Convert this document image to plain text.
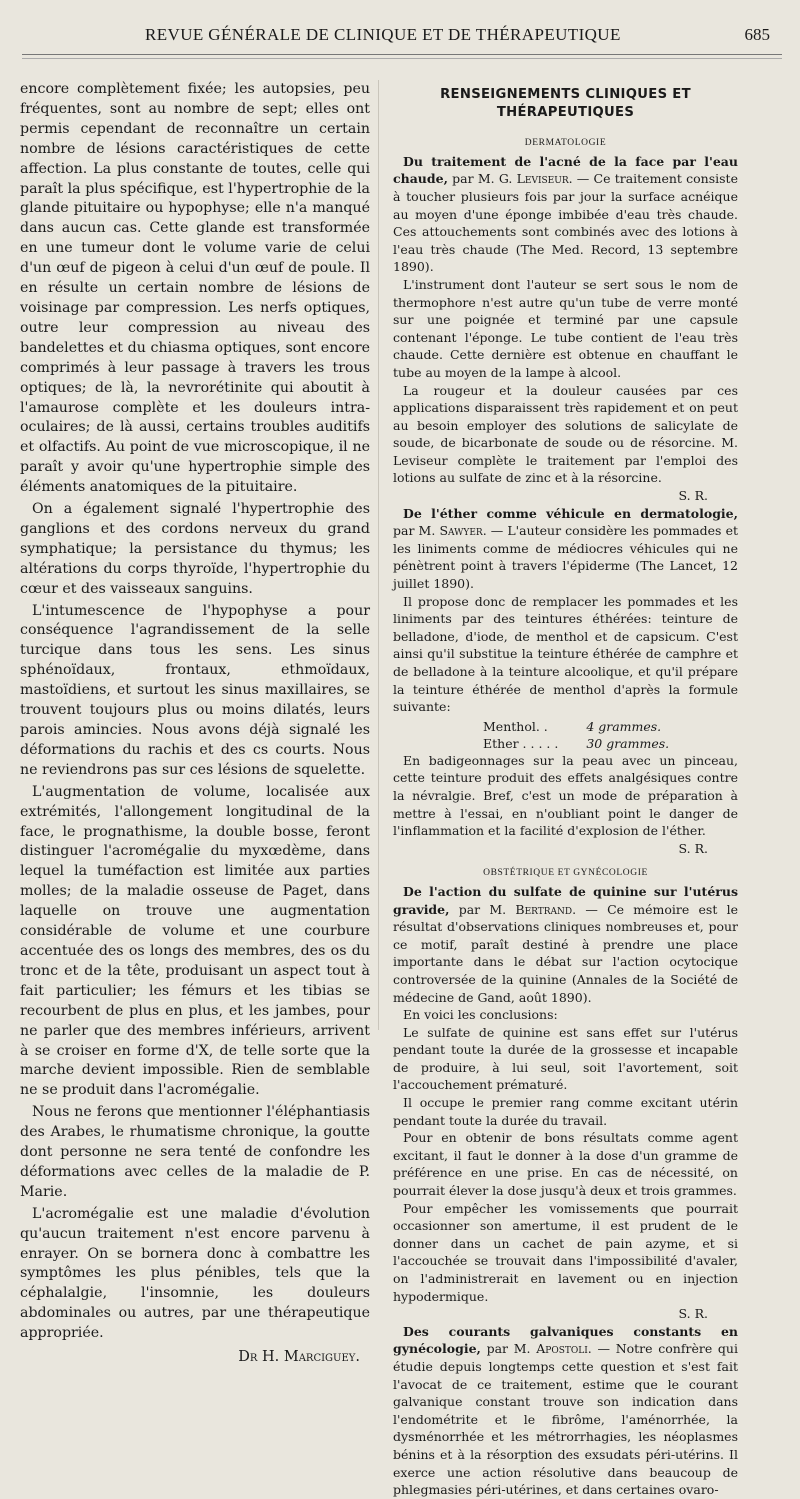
REVUE GÉNÉRALE DE CLINIQUE ET DE THÉRAPEUTIQUE	685

encore complètement fixée; les autopsies, peu fréquentes, sont au nombre de sept; elles ont permis cependant de reconnaître un certain nombre de lésions caractéristiques de cette affection. La plus constante de toutes, celle qui paraît la plus spécifique, est l'hypertrophie de la glande pituitaire ou hypophyse; elle n'a manqué dans aucun cas. Cette glande est transformée en une tumeur dont le volume varie de celui d'un œuf de pigeon à celui d'un œuf de poule. Il en résulte un certain nombre de lésions de voisinage par compression. Les nerfs optiques, outre leur compression au niveau des bandelettes et du chiasma optiques, sont encore comprimés à leur passage à travers les trous optiques; de là, la nevrorétinite qui aboutit à l'amaurose complète et les douleurs intra-oculaires; de là aussi, certains troubles auditifs et olfactifs. Au point de vue microscopique, il ne paraît y avoir qu'une hypertrophie simple des éléments anatomiques de la pituitaire.

On a également signalé l'hypertrophie des ganglions et des cordons nerveux du grand symphatique; la persistance du thymus; les altérations du corps thyroïde, l'hypertrophie du cœur et des vaisseaux sanguins.

L'intumescence de l'hypophyse a pour conséquence l'agrandissement de la selle turcique dans tous les sens. Les sinus sphénoïdaux, frontaux, ethmoïdaux, mastoïdiens, et surtout les sinus maxillaires, se trouvent toujours plus ou moins dilatés, leurs parois amincies. Nous avons déjà signalé les déformations du rachis et des cs courts. Nous ne reviendrons pas sur ces lésions de squelette.

L'augmentation de volume, localisée aux extrémités, l'allongement longitudinal de la face, le prognathisme, la double bosse, feront distinguer l'acromégalie du myxœdème, dans lequel la tuméfaction est limitée aux parties molles; de la maladie osseuse de Paget, dans laquelle on trouve une augmentation considérable de volume et une courbure accentuée des os longs des membres, des os du tronc et de la tête, produisant un aspect tout à fait particulier; les fémurs et les tibias se recourbent de plus en plus, et les jambes, pour ne parler que des membres inférieurs, arrivent à se croiser en forme d'X, de telle sorte que la marche devient impossible. Rien de semblable ne se produit dans l'acromégalie.

Nous ne ferons que mentionner l'éléphantiasis des Arabes, le rhumatisme chronique, la goutte dont personne ne sera tenté de confondre les déformations avec celles de la maladie de P. Marie.

L'acromégalie est une maladie d'évolution qu'aucun traitement n'est encore parvenu à enrayer. On se bornera donc à combattre les symptômes les plus pénibles, tels que la céphalalgie, l'insomnie, les douleurs abdominales ou autres, par une thérapeutique appropriée.

Dr H. Marciguey.

RENSEIGNEMENTS CLINIQUES ET THÉRAPEUTIQUES

DERMATOLOGIE

Du traitement de l'acné de la face par l'eau chaude, par M. G. Leviseur. — Ce traitement consiste à toucher plusieurs fois par jour la surface acnéique au moyen d'une éponge imbibée d'eau très chaude. Ces attouchements sont combinés avec des lotions à l'eau très chaude (The Med. Record, 13 septembre 1890).

L'instrument dont l'auteur se sert sous le nom de thermophore n'est autre qu'un tube de verre monté sur une poignée et terminé par une capsule contenant l'éponge. Le tube contient de l'eau très chaude. Cette dernière est obtenue en chauffant le tube au moyen de la lampe à alcool.

La rougeur et la douleur causées par ces applications disparaissent très rapidement et on peut au besoin employer des solutions de salicylate de soude, de bicarbonate de soude ou de résorcine. M. Leviseur complète le traitement par l'emploi des lotions au sulfate de zinc et à la résorcine.

S. R.

De l'éther comme véhicule en dermatologie, par M. Sawyer. — L'auteur considère les pommades et les liniments comme de médiocres véhicules qui ne pénètrent point à travers l'épiderme (The Lancet, 12 juillet 1890).

Il propose donc de remplacer les pommades et les liniments par des teintures éthérées: teinture de belladone, d'iode, de menthol et de capsicum. C'est ainsi qu'il substitue la teinture éthérée de camphre et de belladone à la teinture alcoolique, et qu'il prépare la teinture éthérée de menthol d'après la formule suivante:

Menthol. .	4 grammes.
Ether . . . . .	30 grammes.

En badigeonnages sur la peau avec un pinceau, cette teinture produit des effets analgésiques contre la névralgie. Bref, c'est un mode de préparation à mettre à l'essai, en n'oubliant point le danger de l'inflammation et la facilité d'explosion de l'éther.

S. R.

OBSTÉTRIQUE ET GYNÉCOLOGIE

De l'action du sulfate de quinine sur l'utérus gravide, par M. Bertrand. — Ce mémoire est le résultat d'observations cliniques nombreuses et, pour ce motif, paraît destiné à prendre une place importante dans le débat sur l'action ocytocique controversée de la quinine (Annales de la Société de médecine de Gand, août 1890).

En voici les conclusions:

Le sulfate de quinine est sans effet sur l'utérus pendant toute la durée de la grossesse et incapable de produire, à lui seul, soit l'avortement, soit l'accouchement prématuré.

Il occupe le premier rang comme excitant utérin pendant toute la durée du travail.

Pour en obtenir de bons résultats comme agent excitant, il faut le donner à la dose d'un gramme de préférence en une prise. En cas de nécessité, on pourrait élever la dose jusqu'à deux et trois grammes.

Pour empêcher les vomissements que pourrait occasionner son amertume, il est prudent de le donner dans un cachet de pain azyme, et si l'accouchée se trouvait dans l'impossibilité d'avaler, on l'administrerait en lavement ou en injection hypodermique.

S. R.

Des courants galvaniques constants en gynécologie, par M. Apostoli. — Notre confrère qui étudie depuis longtemps cette question et s'est fait l'avocat de ce traitement, estime que le courant galvanique constant trouve son indication dans l'endométrite et le fibrôme, l'aménorrhée, la dysménorrhée et les métrorrhagies, les néoplasmes bénins et à la résorption des exsudats péri-utérins. Il exerce une action résolutive dans beaucoup de phlegmasies péri-utérines, et dans certaines ovaro-
